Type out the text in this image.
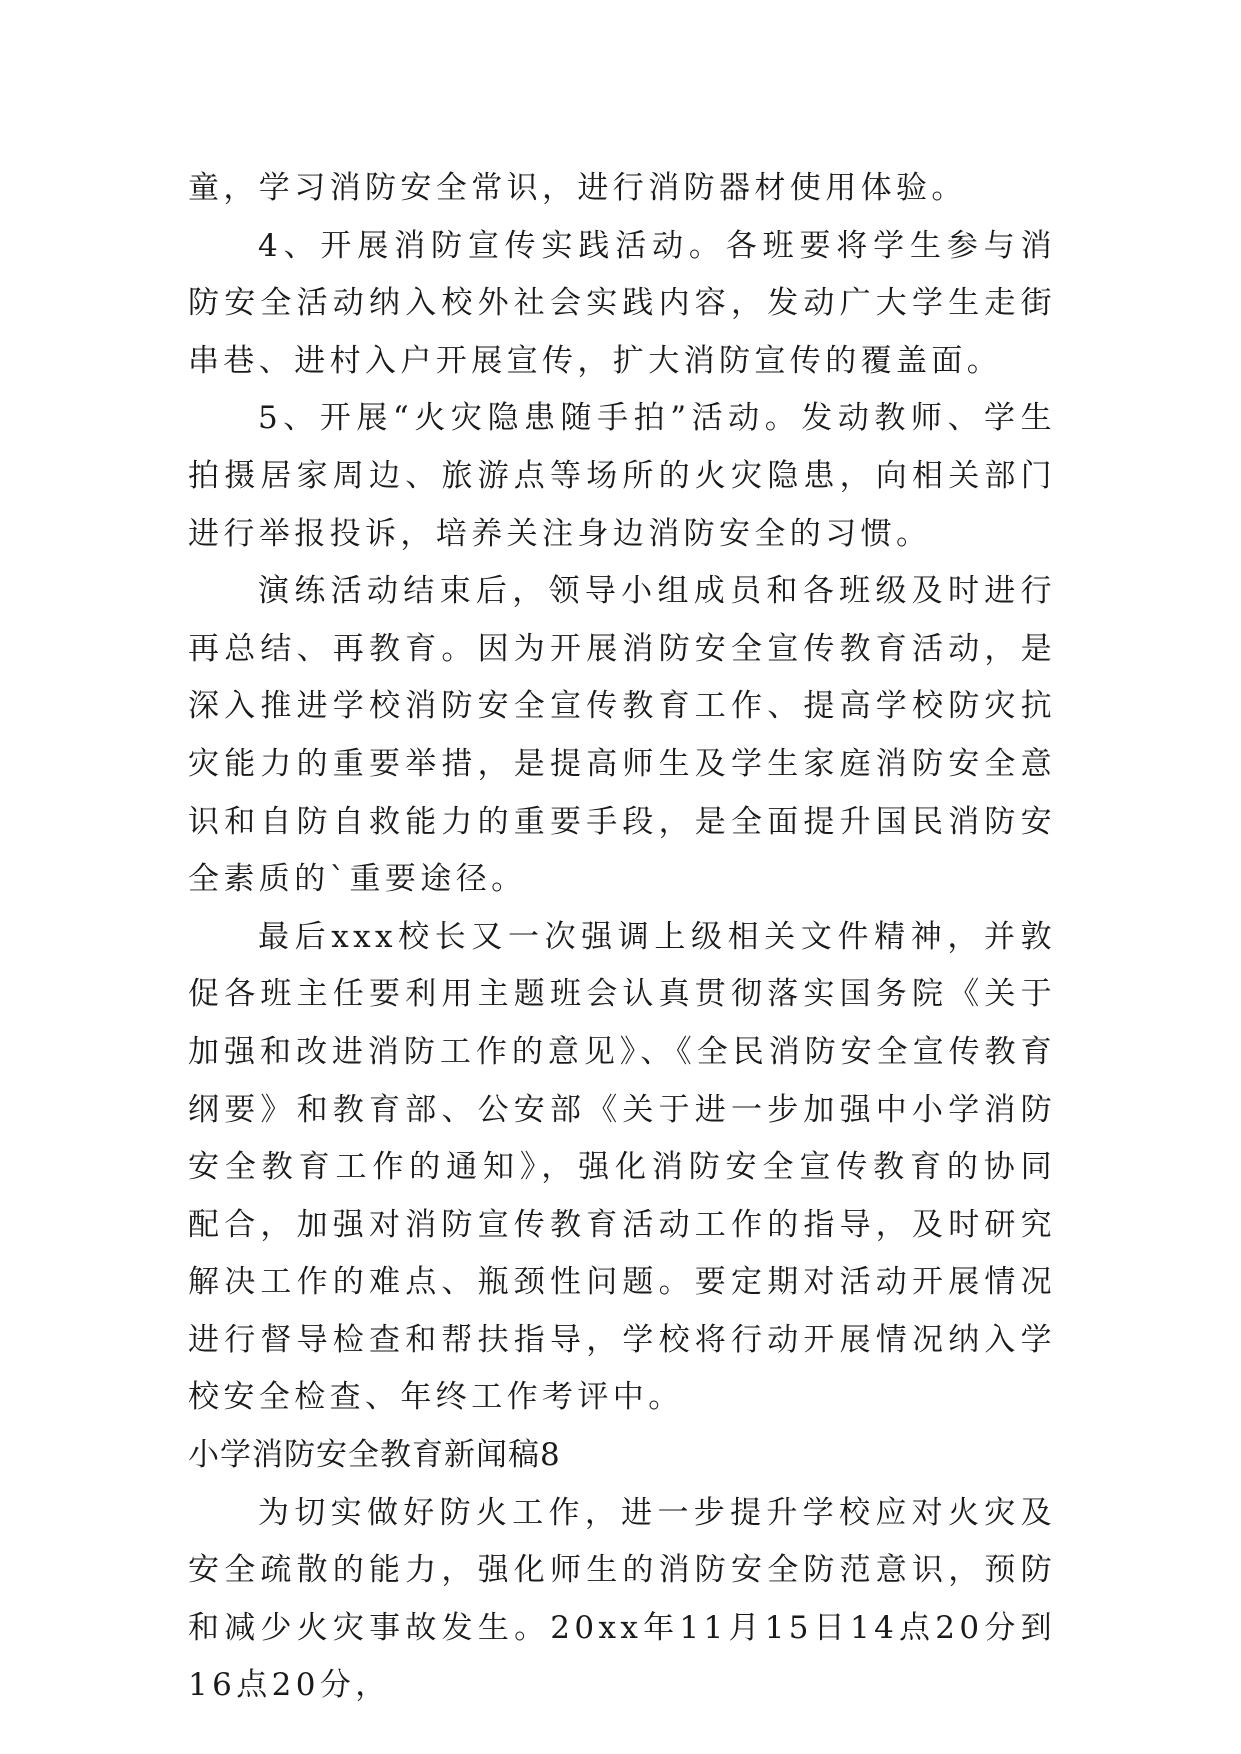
童，学习消防安全常识，进行消防器材使用体验。

4、开展消防宣传实践活动。各班要将学生参与消防安全活动纳入校外社会实践内容，发动广大学生走街串巷、进村入户开展宣传，扩大消防宣传的覆盖面。

5、开展“火灾隐患随手拍”活动。发动教师、学生拍摄居家周边、旅游点等场所的火灾隐患，向相关部门进行举报投诉，培养关注身边消防安全的习惯。

演练活动结束后，领导小组成员和各班级及时进行再总结、再教育。因为开展消防安全宣传教育活动，是深入推进学校消防安全宣传教育工作、提高学校防灾抗灾能力的重要举措，是提高师生及学生家庭消防安全意识和自防自救能力的重要手段，是全面提升国民消防安全素质的`重要途径。

最后xxx校长又一次强调上级相关文件精神，并敦促各班主任要利用主题班会认真贯彻落实国务院《关于加强和改进消防工作的意见》、《全民消防安全宣传教育纲要》和教育部、公安部《关于进一步加强中小学消防安全教育工作的通知》，强化消防安全宣传教育的协同配合，加强对消防宣传教育活动工作的指导，及时研究解决工作的难点、瓶颈性问题。要定期对活动开展情况进行督导检查和帮扶指导，学校将行动开展情况纳入学校安全检查、年终工作考评中。

小学消防安全教育新闻稿8

为切实做好防火工作，进一步提升学校应对火灾及安全疏散的能力，强化师生的消防安全防范意识，预防和减少火灾事故发生。20xx年11月15日14点20分到16点20分，
